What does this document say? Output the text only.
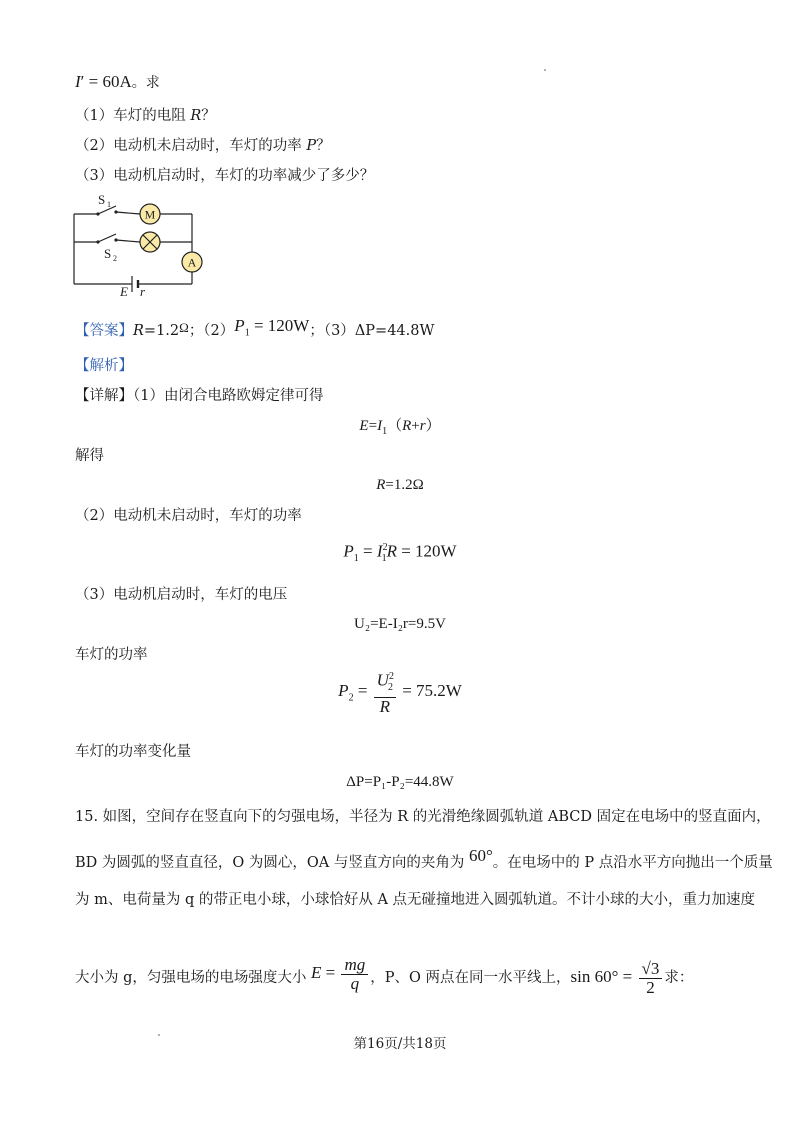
I′ = 60A。求
（1）车灯的电阻 R？
（2）电动机未启动时，车灯的功率 P？
（3）电动机启动时，车灯的功率减少了多少？
M
A
S 1
S 2
E r
【答案】R=1.2Ω；$(2)P_1 = 120W$；（3）ΔP=44.8W
【解析】
【详解】（1）由闭合电路欧姆定律可得
$E=I_1(R+r)$
解得
R=1.2Ω
（2）电动机未启动时，车灯的功率
$P_1 = I^2_1R = 120W$
（3）电动机启动时，车灯的电压
U₂=E-I₂r=9.5V
车灯的功率
$P_2 = \frac{U^2_2}{R} = 75.2W$
车灯的功率变化量
ΔP=P₁-P₂=44.8W
15. 如图，空间存在竖直向下的匀强电场，半径为 R 的光滑绝缘圆弧轨道 ABCD 固定在电场中的竖直面内，
BD 为圆弧的竖直直径，O 为圆心，OA 与竖直方向的夹角为 60°。在电场中的 P 点沿水平方向抛出一个质量
为 m、电荷量为 q 的带正电小球，小球恰好从 A 点无碰撞地进入圆弧轨道。不计小球的大小，重力加速度
大小为 g，匀强电场的电场强度大小 $E = \frac{mg}{q}$ ，P、O 两点在同一水平线上，$\sin 60^\circ = \frac{√3}{2}$ 求：
第16页/共18页
